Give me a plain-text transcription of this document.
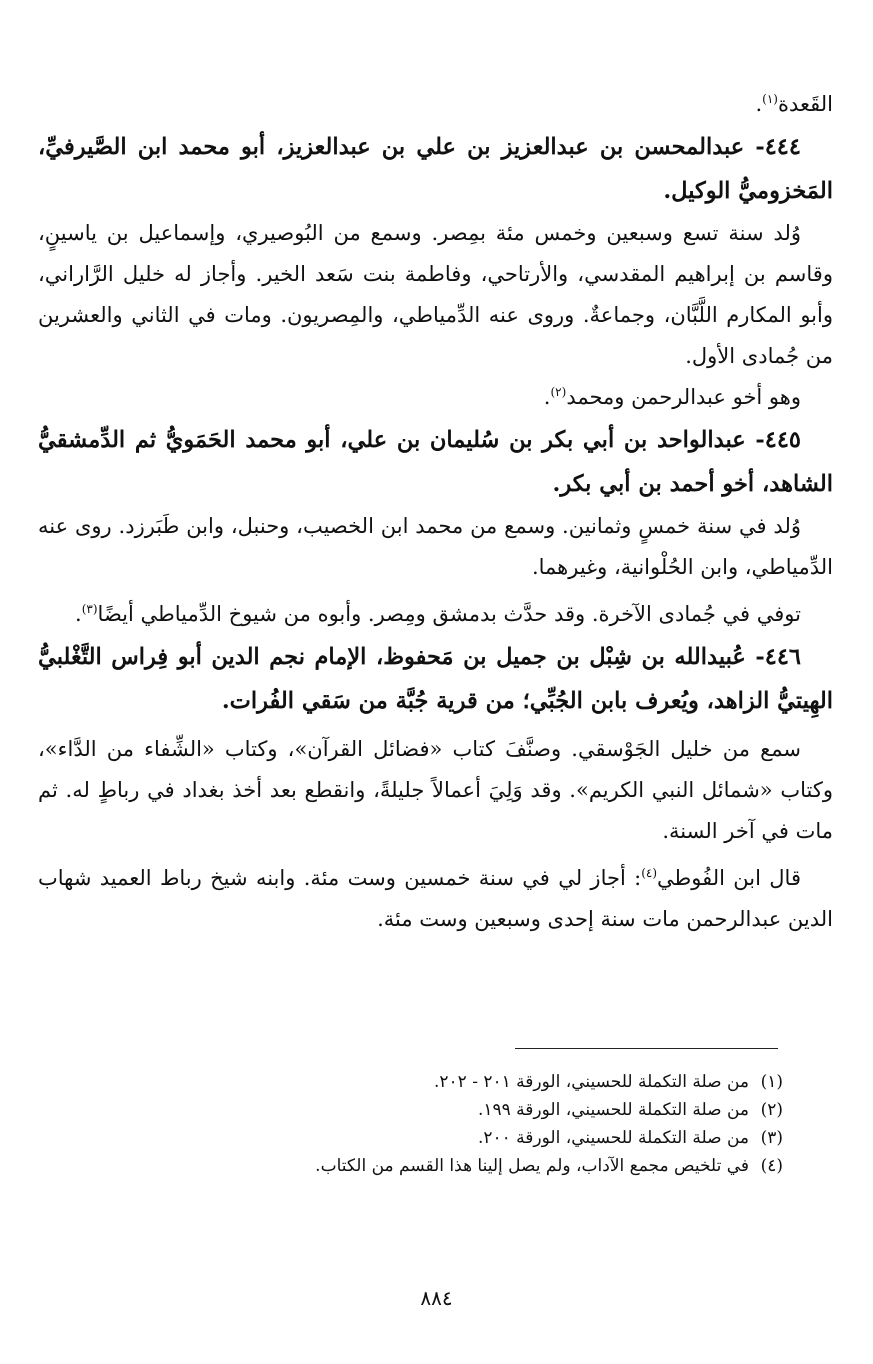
القَعدة$^{(١)}$.

٤٤٤- عبدالمحسن بن عبدالعزيز بن علي بن عبدالعزيز، أبو محمد ابن الصَّيرفيِّ، المَخزوميُّ الوكيل.

وُلد سنة تسع وسبعين وخمس مئة بمِصر. وسمع من البُوصيري، وإسماعيل بن ياسينٍ، وقاسم بن إبراهيم المقدسي، والأرتاحي، وفاطمة بنت سَعد الخير. وأجاز له خليل الرَّاراني، وأبو المكارم اللَّبَّان، وجماعةٌ. وروى عنه الدِّمياطي، والمِصريون. ومات في الثاني والعشرين من جُمادى الأول.

وهو أخو عبدالرحمن ومحمد$^{(٢)}$.

٤٤٥- عبدالواحد بن أبي بكر بن سُليمان بن علي، أبو محمد الحَمَويُّ ثم الدِّمشقيُّ الشاهد، أخو أحمد بن أبي بكر.

وُلد في سنة خمسٍ وثمانين. وسمع من محمد ابن الخصيب، وحنبل، وابن طَبَرزد. روى عنه الدِّمياطي، وابن الحُلْوانية، وغيرهما.

توفي في جُمادى الآخرة. وقد حدَّث بدمشق ومِصر. وأبوه من شيوخ الدِّمياطي أيضًا$^{(٣)}$.

٤٤٦- عُبيدالله بن شِبْل بن جميل بن مَحفوظ، الإمام نجم الدين أبو فِراس التَّغْلبيُّ الهِيتيُّ الزاهد، ويُعرف بابن الجُبِّي؛ من قرية جُبَّة من سَقي الفُرات.

سمع من خليل الجَوْسقي. وصنَّفَ كتاب «فضائل القرآن»، وكتاب «الشِّفاء من الدَّاء»، وكتاب «شمائل النبي الكريم». وقد وَلِيَ أعمالاً جليلةً، وانقطع بعد أخذ بغداد في رباطٍ له. ثم مات في آخر السنة.

قال ابن الفُوطي$^{(٤)}$: أجاز لي في سنة خمسين وست مئة. وابنه شيخ رباط العميد شهاب الدين عبدالرحمن مات سنة إحدى وسبعين وست مئة.

(١)من صلة التكملة للحسيني، الورقة ٢٠١ - ٢٠٢.

(٢)من صلة التكملة للحسيني، الورقة ١٩٩.

(٣)من صلة التكملة للحسيني، الورقة ٢٠٠.

(٤)في تلخيص مجمع الآداب، ولم يصل إلينا هذا القسم من الكتاب.

٨٨٤
